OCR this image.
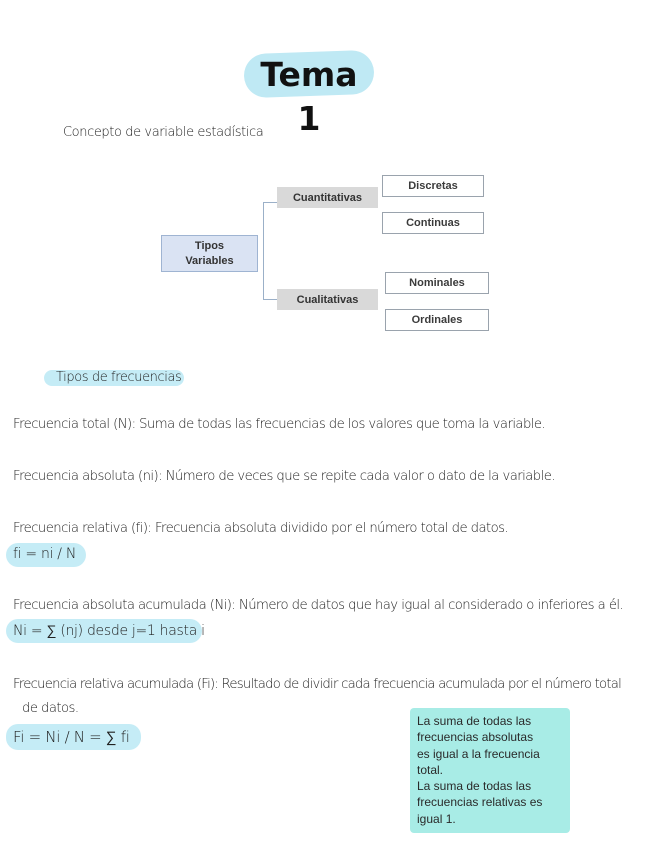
Tema 1
Concepto de variable estadística
Tipos
Variables
Cuantitativas
Cualitativas
Discretas
Continuas
Nominales
Ordinales
Tipos de frecuencias
Frecuencia total (N): Suma de todas las frecuencias de los valores que toma la variable.
Frecuencia absoluta (ni): Número de veces que se repite cada valor o dato de la variable.
Frecuencia relativa (fi): Frecuencia absoluta dividido por el número total de datos.
fi = ni / N
Frecuencia absoluta acumulada (Ni): Número de datos que hay igual al considerado o inferiores a él.
Ni = ∑ (nj) desde j=1 hasta i
Frecuencia relativa acumulada (Fi): Resultado de dividir cada frecuencia acumulada por el número total
de datos.
Fi = Ni / N = ∑ fi

La suma de todas las

frecuencias absolutas

es igual a la frecuencia

total.

La suma de todas las

frecuencias relativas es

igual 1.
